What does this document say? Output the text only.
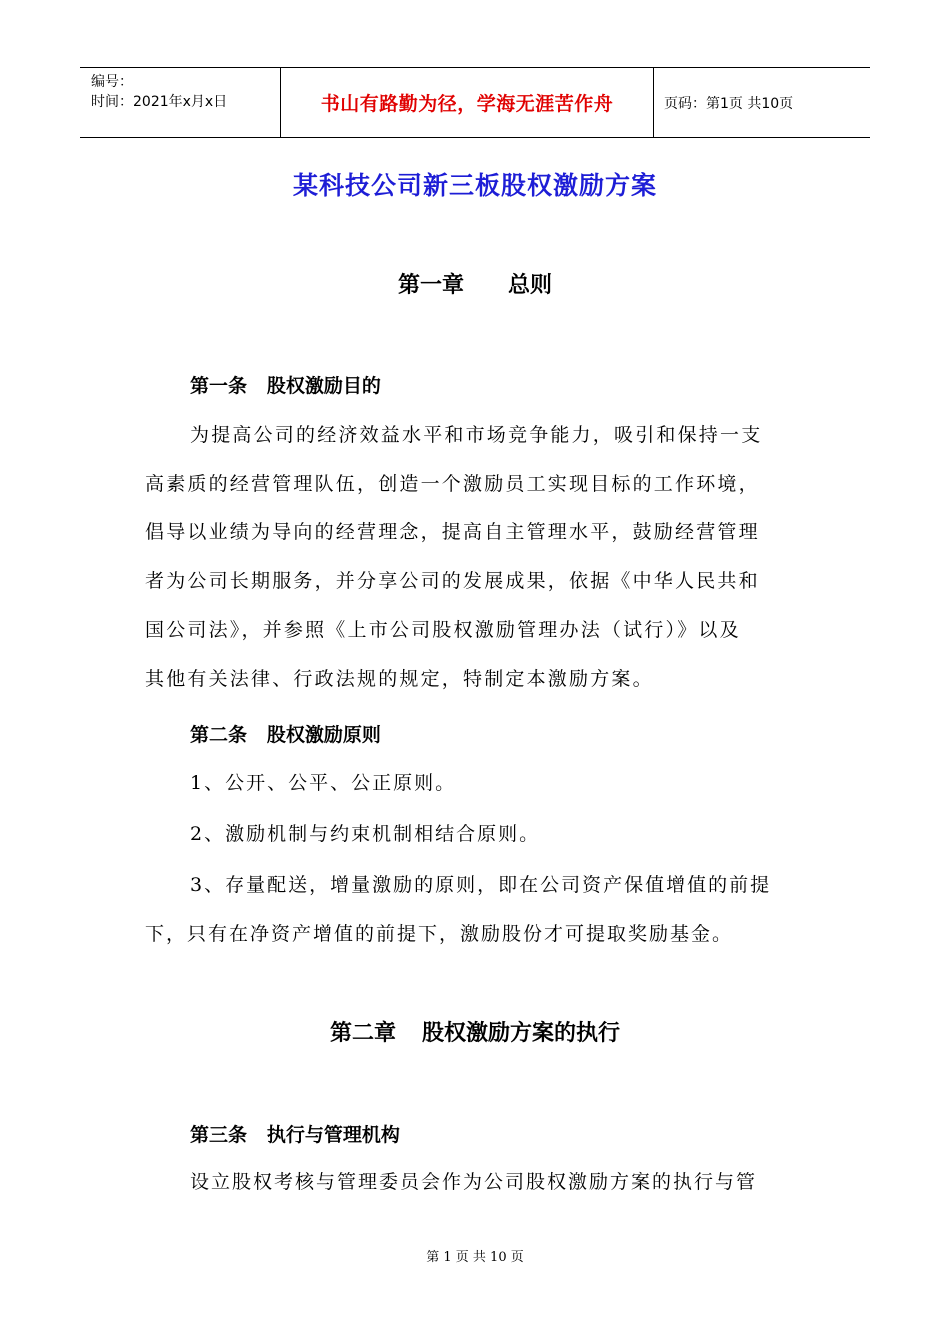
编号：
时间：2021年x月x日	书山有路勤为径，学海无涯苦作舟	页码：第1页 共10页
某科技公司新三板股权激励方案
第一章 总则
第一条   股权激励目的
为提高公司的经济效益水平和市场竞争能力，吸引和保持一支
高素质的经营管理队伍，创造一个激励员工实现目标的工作环境，
倡导以业绩为导向的经营理念，提高自主管理水平，鼓励经营管理
者为公司长期服务，并分享公司的发展成果，依据《中华人民共和
国公司法》，并参照《上市公司股权激励管理办法（试行）》以及
其他有关法律、行政法规的规定，特制定本激励方案。
第二条   股权激励原则
1、公开、公平、公正原则。
2、激励机制与约束机制相结合原则。
3、存量配送，增量激励的原则，即在公司资产保值增值的前提
下，只有在净资产增值的前提下，激励股份才可提取奖励基金。
第二章 股权激励方案的执行
第三条   执行与管理机构
设立股权考核与管理委员会作为公司股权激励方案的执行与管
第 1 页 共 10 页
